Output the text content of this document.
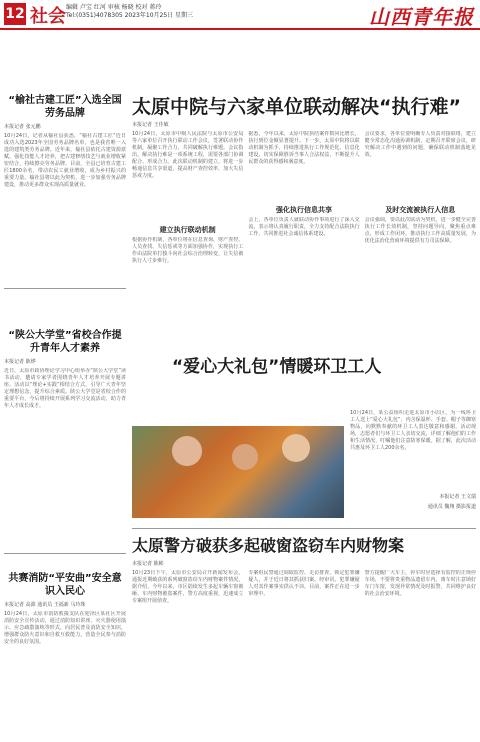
12 社会 编辑 卢宝 红河 审核 杨晓 校对 蒋玲
Tel:(0351)4078305 2023年10月25日 星期三	山西青年报
“榆社古建工匠”入选全国劳务品牌
本报记者 张元鹏
10月24日，记者从榆社县获悉，“榆社古建工匠”近日成功入选2023年全国劳务品牌名单，也是我省唯一入选的建筑类劳务品牌。近年来，榆社县依托古建资源禀赋，强化技能人才培养，把古建修缮技艺与就业增收紧密结合，持续擦亮劳务品牌。目前，全县已培育古建工匠1800余名，带动农民工就业增收，成为乡村振兴的重要力量。榆社县将以此为契机，进一步加强劳务品牌建设，推动更多群众实现高质量就业。
“陕公大学堂”省校合作提升青年人才素养
本报记者 陈烨
近日，太原市政协理论学习中心组举办“陕公大学堂”读书活动，邀请专家学者围绕青年人才培养开展专题讲座。活动以“理论+实践”相结合方式，引导广大青年坚定理想信念，提升综合素质。陕公大学堂是省校合作的重要平台，今后将持续开展系列学习交流活动，助力青年人才成长成才。
共赛消防“平安曲”安全意识入民心
本报记者 高源 通讯员 王福新 马玲珠
10月24日，太原市消防救援支队在迎泽区某社区开展消防安全宣传活动，通过消防知识讲座、灭火器使用演示、应急疏散演练等形式，向居民普及消防安全知识，增强群众防火意识和自救互救能力，营造全民参与消防安全的良好氛围。
太原中院与六家单位联动解决“执行难”
本报记者 王佳敏
10月24日，太原市中级人民法院与太原市公安局等六家单位召开执行联动工作会议，签署联动协作机制，凝聚工作合力，共同破解执行难题。会议指出，解决执行难是一项系统工程，需要各部门协调配合、形成合力。此次联动机制的建立，将进一步畅通信息共享渠道，提高财产查控效率，加大失信惩戒力度。
建立执行联动机制
根据协作机制，各单位将在信息查询、财产查控、人员查找、失信惩戒等方面加强协作，实现执行工作由法院单打独斗向社会综合治理转变，让失信被执行人寸步难行。
据悉，今年以来，太原中院执结案件数同比增长，执行到位金额显著提升。下一步，太原中院将以联动机制为抓手，持续推进执行工作规范化、信息化建设，切实保障胜诉当事人合法权益，不断提升人民群众的获得感和满意度。
强化执行信息共享
会上，各单位负责人就联动协作事项进行了深入交流，表示将认真履行职责，全力支持配合法院执行工作，共同推进社会诚信体系建设。
会议要求，各单位要明确专人负责对接联络，建立健全常态化沟通协调机制，定期召开联席会议，研究解决工作中遇到的问题，确保联动机制落地见效。
及时交流被执行人信息
会议强调，要以此次联动为契机，进一步健全完善执行工作长效机制，坚持问题导向，聚焦重点难点，形成工作闭环，推动执行工作高质量发展，为优化法治化营商环境提供有力司法保障。
“爱心大礼包”情暖环卫工人
10月24日，某公益组织走进太原市小店区，为一线环卫工人送上“爱心大礼包”，内含保温杯、手套、帽子等御寒物品，向默默奉献的环卫工人表达敬意和感谢。活动现场，志愿者们与环卫工人亲切交流，详细了解他们的工作和生活情况，叮嘱他们注意防寒保暖。据了解，此次活动共惠及环卫工人200余名。
本报记者 王文瑞
通讯员 魏翔 摄影报道
太原警方破获多起破窗盗窃车内财物案
本报记者 陈彬
10月23日下午，太原市公安局召开新闻发布会，通报近期破获的系列破窗盗窃车内财物案件情况。据介绍，今年以来，市区陆续发生多起车辆车窗被砸、车内财物被盗案件，警方高度重视，迅速成立专案组开展侦查。
专案组民警通过调取监控、走访排查，锁定犯罪嫌疑人，并于近日将其抓获归案。经审讯，犯罪嫌疑人对其作案事实供认不讳。目前，案件正在进一步审理中。
警方提醒广大车主，停车时应选择有监控的正规停车场，不要将贵重物品遗留车内，离车时注意锁好车门车窗，发现异常情况及时报警，共同维护良好的社会治安环境。
